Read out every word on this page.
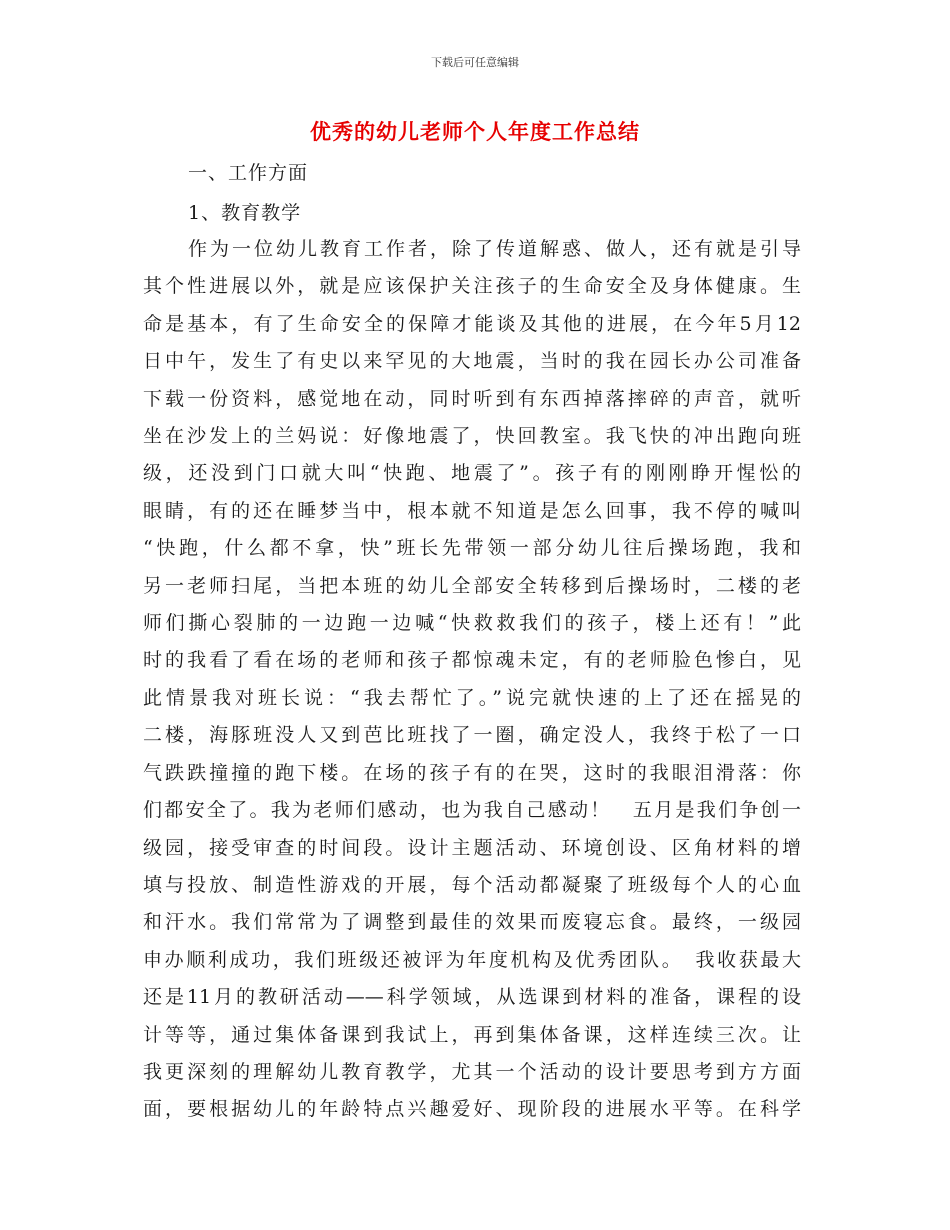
下载后可任意编辑
优秀的幼儿老师个人年度工作总结
一、工作方面
1、教育教学
作为一位幼儿教育工作者，除了传道解惑、做人，还有就是引导
其个性进展以外，就是应该保护关注孩子的生命安全及身体健康。生
命是基本，有了生命安全的保障才能谈及其他的进展，在今年5月12
日中午，发生了有史以来罕见的大地震，当时的我在园长办公司准备
下载一份资料，感觉地在动，同时听到有东西掉落摔碎的声音，就听
坐在沙发上的兰妈说：好像地震了，快回教室。我飞快的冲出跑向班
级，还没到门口就大叫“快跑、地震了”。孩子有的刚刚睁开惺忪的
眼睛，有的还在睡梦当中，根本就不知道是怎么回事，我不停的喊叫
“快跑，什么都不拿，快”班长先带领一部分幼儿往后操场跑，我和
另一老师扫尾，当把本班的幼儿全部安全转移到后操场时，二楼的老
师们撕心裂肺的一边跑一边喊“快救救我们的孩子，楼上还有！”此
时的我看了看在场的老师和孩子都惊魂未定，有的老师脸色惨白，见
此情景我对班长说：“我去帮忙了。”说完就快速的上了还在摇晃的
二楼，海豚班没人又到芭比班找了一圈，确定没人，我终于松了一口
气跌跌撞撞的跑下楼。在场的孩子有的在哭，这时的我眼泪滑落：你
们都安全了。我为老师们感动，也为我自己感动！　五月是我们争创一
级园，接受审查的时间段。设计主题活动、环境创设、区角材料的增
填与投放、制造性游戏的开展，每个活动都凝聚了班级每个人的心血
和汗水。我们常常为了调整到最佳的效果而废寝忘食。最终，一级园
申办顺利成功，我们班级还被评为年度机构及优秀团队。　我收获最大
还是11月的教研活动——科学领域，从选课到材料的准备，课程的设
计等等，通过集体备课到我试上，再到集体备课，这样连续三次。让
我更深刻的理解幼儿教育教学，尤其一个活动的设计要思考到方方面
面，要根据幼儿的年龄特点兴趣爱好、现阶段的进展水平等。在科学
